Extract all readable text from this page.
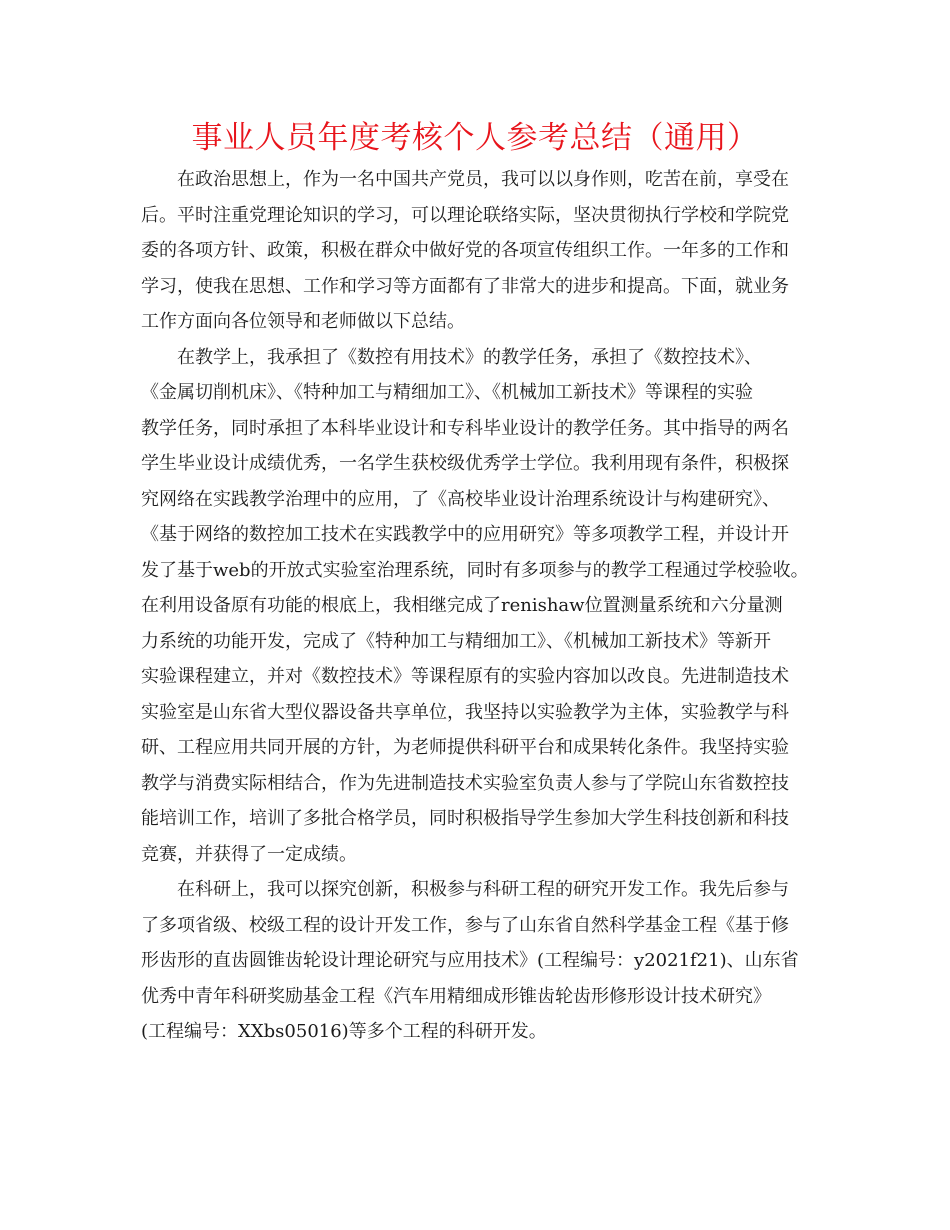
事业人员年度考核个人参考总结（通用）
在政治思想上，作为一名中国共产党员，我可以以身作则，吃苦在前，享受在
后。平时注重党理论知识的学习，可以理论联络实际，坚决贯彻执行学校和学院党
委的各项方针、政策，积极在群众中做好党的各项宣传组织工作。一年多的工作和
学习，使我在思想、工作和学习等方面都有了非常大的进步和提高。下面，就业务
工作方面向各位领导和老师做以下总结。
在教学上，我承担了《数控有用技术》的教学任务，承担了《数控技术》、
《金属切削机床》、《特种加工与精细加工》、《机械加工新技术》等课程的实验
教学任务，同时承担了本科毕业设计和专科毕业设计的教学任务。其中指导的两名
学生毕业设计成绩优秀，一名学生获校级优秀学士学位。我利用现有条件，积极探
究网络在实践教学治理中的应用，了《高校毕业设计治理系统设计与构建研究》、
《基于网络的数控加工技术在实践教学中的应用研究》等多项教学工程，并设计开
发了基于web的开放式实验室治理系统，同时有多项参与的教学工程通过学校验收。
在利用设备原有功能的根底上，我相继完成了renishaw位置测量系统和六分量测
力系统的功能开发，完成了《特种加工与精细加工》、《机械加工新技术》等新开
实验课程建立，并对《数控技术》等课程原有的实验内容加以改良。先进制造技术
实验室是山东省大型仪器设备共享单位，我坚持以实验教学为主体，实验教学与科
研、工程应用共同开展的方针，为老师提供科研平台和成果转化条件。我坚持实验
教学与消费实际相结合，作为先进制造技术实验室负责人参与了学院山东省数控技
能培训工作，培训了多批合格学员，同时积极指导学生参加大学生科技创新和科技
竞赛，并获得了一定成绩。
在科研上，我可以探究创新，积极参与科研工程的研究开发工作。我先后参与
了多项省级、校级工程的设计开发工作，参与了山东省自然科学基金工程《基于修
形齿形的直齿圆锥齿轮设计理论研究与应用技术》(工程编号：y2021f21)、山东省
优秀中青年科研奖励基金工程《汽车用精细成形锥齿轮齿形修形设计技术研究》
(工程编号：XXbs05016)等多个工程的科研开发。
